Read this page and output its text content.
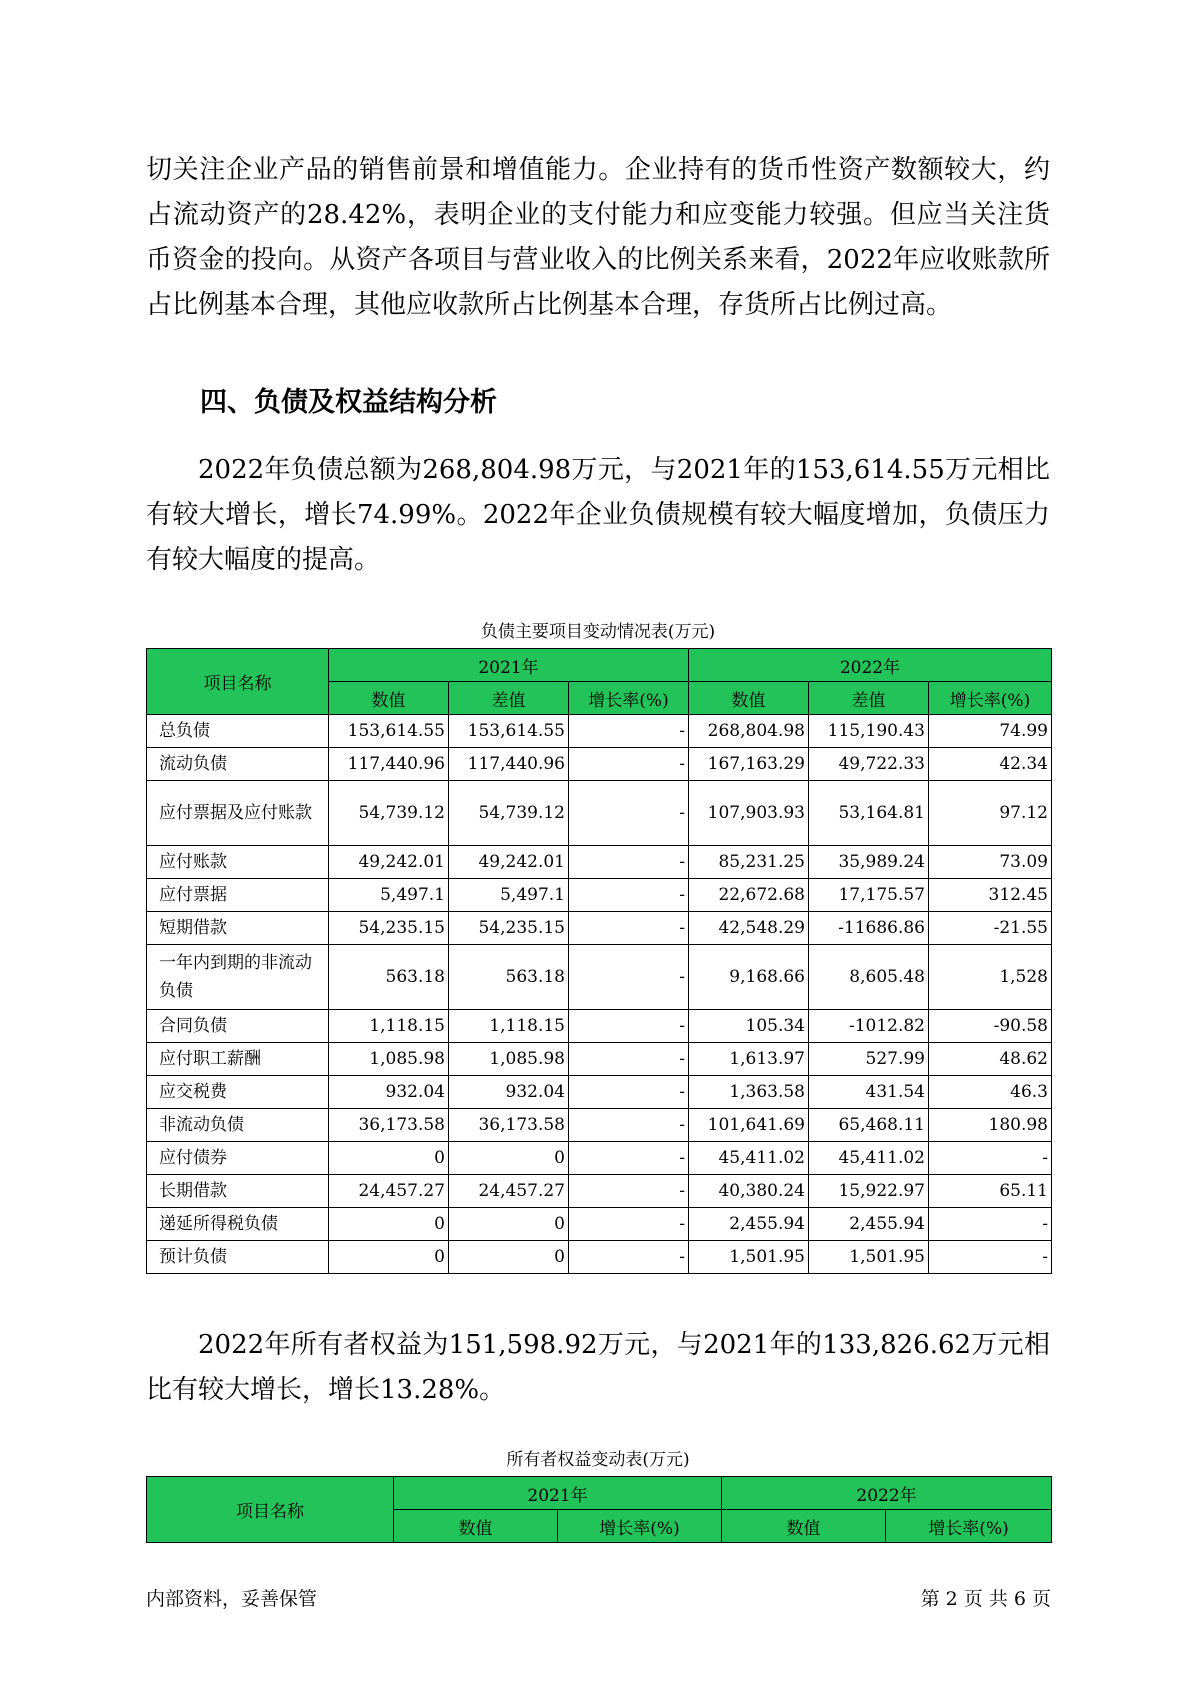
切关注企业产品的销售前景和增值能力。企业持有的货币性资产数额较大，约占流动资产的28.42%，表明企业的支付能力和应变能力较强。但应当关注货币资金的投向。从资产各项目与营业收入的比例关系来看，2022年应收账款所占比例基本合理，其他应收款所占比例基本合理，存货所占比例过高。

四、负债及权益结构分析

2022年负债总额为268,804.98万元，与2021年的153,614.55万元相比有较大增长，增长74.99%。2022年企业负债规模有较大幅度增加，负债压力有较大幅度的提高。

负债主要项目变动情况表(万元)
项目名称	2021年			2022年		
	数值	差值	增长率(%)	数值	差值	增长率(%)
总负债	153,614.55	153,614.55	-	268,804.98	115,190.43	74.99
流动负债	117,440.96	117,440.96	-	167,163.29	49,722.33	42.34
应付票据及应付账款	54,739.12	54,739.12	-	107,903.93	53,164.81	97.12
应付账款	49,242.01	49,242.01	-	85,231.25	35,989.24	73.09
应付票据	5,497.1	5,497.1	-	22,672.68	17,175.57	312.45
短期借款	54,235.15	54,235.15	-	42,548.29	-11686.86	-21.55
一年内到期的非流动负债	563.18	563.18	-	9,168.66	8,605.48	1,528
合同负债	1,118.15	1,118.15	-	105.34	-1012.82	-90.58
应付职工薪酬	1,085.98	1,085.98	-	1,613.97	527.99	48.62
应交税费	932.04	932.04	-	1,363.58	431.54	46.3
非流动负债	36,173.58	36,173.58	-	101,641.69	65,468.11	180.98
应付债券	0	0	-	45,411.02	45,411.02	-
长期借款	24,457.27	24,457.27	-	40,380.24	15,922.97	65.11
递延所得税负债	0	0	-	2,455.94	2,455.94	-
预计负债	0	0	-	1,501.95	1,501.95	-

2022年所有者权益为151,598.92万元，与2021年的133,826.62万元相比有较大增长，增长13.28%。

所有者权益变动表(万元)
项目名称	2021年		2022年	
	数值	增长率(%)	数值	增长率(%)
内部资料，妥善保管	第 2 页 共 6 页
